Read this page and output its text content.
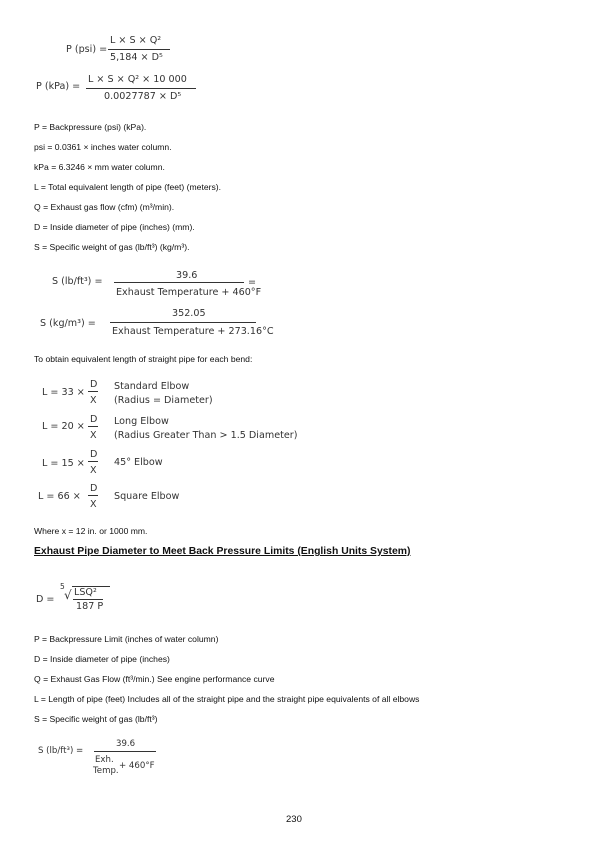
P (psi) =
L × S × Q²
5,184 × D⁵
P (kPa) =
L × S × Q² × 10 000
0.0027787 × D⁵
P = Backpressure (psi) (kPa).
psi = 0.0361 × inches water column.
kPa = 6.3246 × mm water column.
L = Total equivalent length of pipe (feet) (meters).
Q = Exhaust gas flow (cfm) (m³/min).
D = Inside diameter of pipe (inches) (mm).
S = Specific weight of gas (lb/ft³) (kg/m³).
S (lb/ft³) =
39.6
=
Exhaust Temperature + 460°F
S (kg/m³) =
352.05
Exhaust Temperature + 273.16°C
To obtain equivalent length of straight pipe for each bend:
L = 33 ×
D
X
Standard Elbow
(Radius = Diameter)
L = 20 ×
D
X
Long Elbow
(Radius Greater Than > 1.5 Diameter)
L = 15 ×
D
X
45° Elbow
L = 66 ×
D
X
Square Elbow
Where x = 12 in. or 1000 mm.
Exhaust Pipe Diameter to Meet Back Pressure Limits (English Units System)
D =
5
√ LSQ²
187 P
P = Backpressure Limit (inches of water column)
D = Inside diameter of pipe (inches)
Q = Exhaust Gas Flow (ft³/min.) See engine performance curve
L = Length of pipe (feet) Includes all of the straight pipe and the straight pipe equivalents of all elbows
S = Specific weight of gas (lb/ft³)
S (lb/ft³) =
39.6
Exh.
Temp. + 460°F
230
